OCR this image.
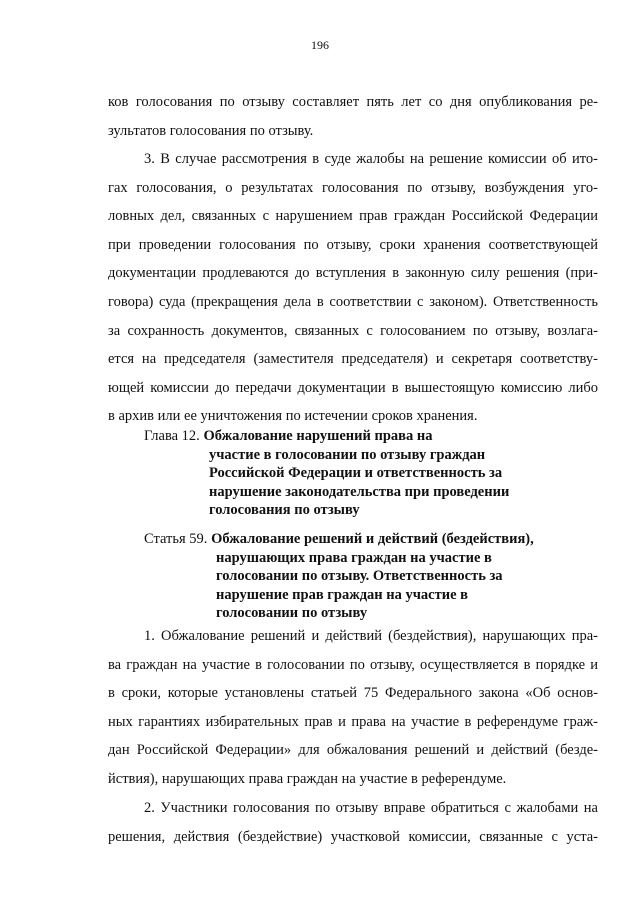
196
ков голосования по отзыву составляет пять лет со дня опубликования ре-
зультатов голосования по отзыву.
3. В случае рассмотрения в суде жалобы на решение комиссии об ито-
гах голосования, о результатах голосования по отзыву, возбуждения уго-
ловных дел, связанных с нарушением прав граждан Российской Федерации
при проведении голосования по отзыву, сроки хранения соответствующей
документации продлеваются до вступления в законную силу решения (при-
говора) суда (прекращения дела в соответствии с законом). Ответственность
за сохранность документов, связанных с голосованием по отзыву, возлага-
ется на председателя (заместителя председателя) и секретаря соответству-
ющей комиссии до передачи документации в вышестоящую комиссию либо
в архив или ее уничтожения по истечении сроков хранения.
Глава 12. Обжалование нарушений права на
участие в голосовании по отзыву граждан
Российской Федерации и ответственность за
нарушение законодательства при проведении
голосования по отзыву
Статья 59. Обжалование решений и действий (бездействия),
нарушающих права граждан на участие в
голосовании по отзыву. Ответственность за
нарушение прав граждан на участие в
голосовании по отзыву
1. Обжалование решений и действий (бездействия), нарушающих пра-
ва граждан на участие в голосовании по отзыву, осуществляется в порядке и
в сроки, которые установлены статьей 75 Федерального закона «Об основ-
ных гарантиях избирательных прав и права на участие в референдуме граж-
дан Российской Федерации» для обжалования решений и действий (безде-
йствия), нарушающих права граждан на участие в референдуме.
2. Участники голосования по отзыву вправе обратиться с жалобами на
решения, действия (бездействие) участковой комиссии, связанные с уста-
